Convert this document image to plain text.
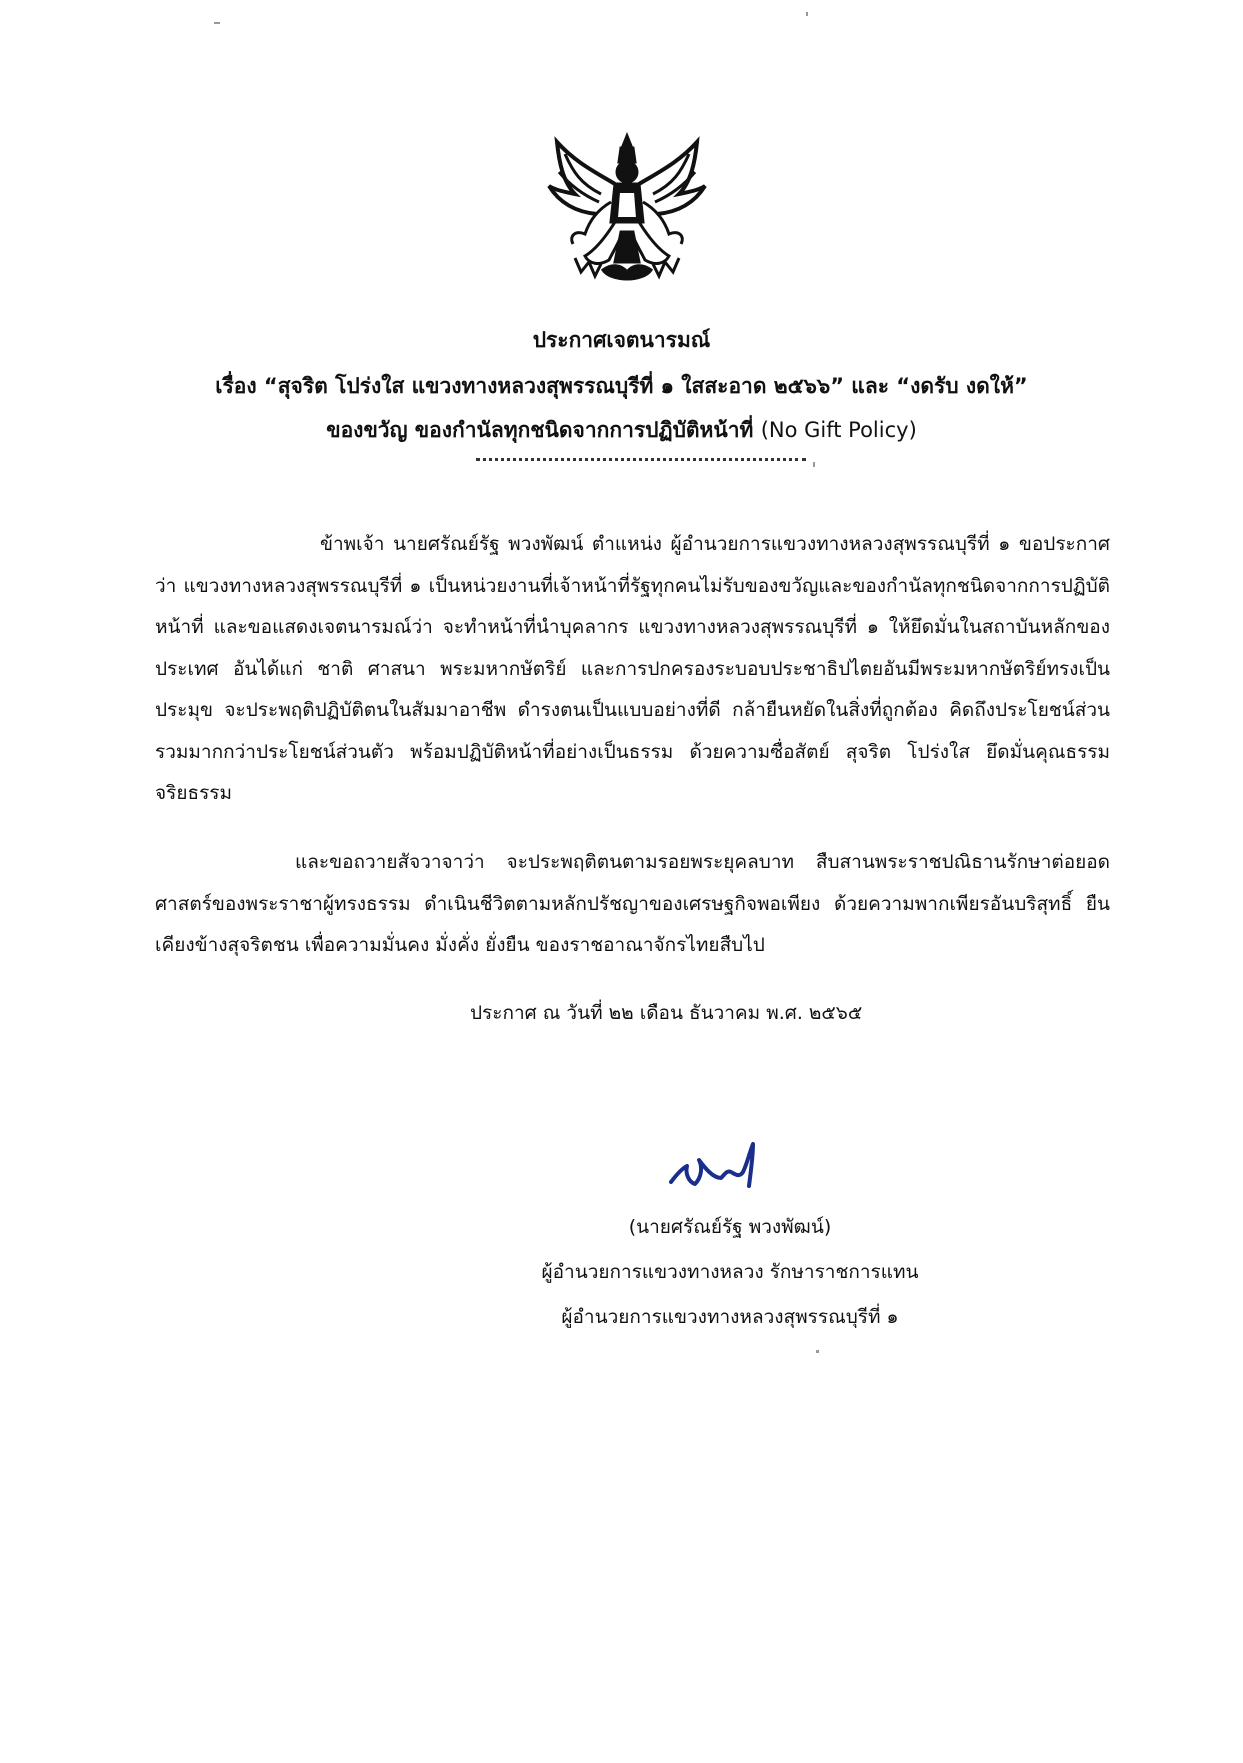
ประกาศเจตนารมณ์
เรื่อง “สุจริต โปร่งใส แขวงทางหลวงสุพรรณบุรีที่ ๑ ใสสะอาด ๒๕๖๖” และ “งดรับ งดให้”
ของขวัญ ของกำนัลทุกชนิดจากการปฏิบัติหน้าที่ (No Gift Policy)
ข้าพเจ้า นายศรัณย์รัฐ พวงพัฒน์ ตำแหน่ง ผู้อำนวยการแขวงทางหลวงสุพรรณบุรีที่ ๑ ขอประกาศว่า แขวงทางหลวงสุพรรณบุรีที่ ๑ เป็นหน่วยงานที่เจ้าหน้าที่รัฐทุกคนไม่รับของขวัญและของกำนัลทุกชนิดจากการปฏิบัติหน้าที่ และขอแสดงเจตนารมณ์ว่า จะทำหน้าที่นำบุคลากร แขวงทางหลวงสุพรรณบุรีที่ ๑ ให้ยึดมั่นในสถาบันหลักของประเทศ อันได้แก่ ชาติ ศาสนา พระมหากษัตริย์ และการปกครองระบอบประชาธิปไตยอันมีพระมหากษัตริย์ทรงเป็นประมุข จะประพฤติปฏิบัติตนในสัมมาอาชีพ ดำรงตนเป็นแบบอย่างที่ดี กล้ายืนหยัดในสิ่งที่ถูกต้อง คิดถึงประโยชน์ส่วนรวมมากกว่าประโยชน์ส่วนตัว พร้อมปฏิบัติหน้าที่อย่างเป็นธรรม ด้วยความซื่อสัตย์ สุจริต โปร่งใส ยึดมั่นคุณธรรม จริยธรรม
และขอถวายสัจวาจาว่า จะประพฤติตนตามรอยพระยุคลบาท สืบสานพระราชปณิธานรักษาต่อยอดศาสตร์ของพระราชาผู้ทรงธรรม ดำเนินชีวิตตามหลักปรัชญาของเศรษฐกิจพอเพียง ด้วยความพากเพียรอันบริสุทธิ์ ยืนเคียงข้างสุจริตชน เพื่อความมั่นคง มั่งคั่ง ยั่งยืน ของราชอาณาจักรไทยสืบไป
ประกาศ ณ วันที่ ๒๒ เดือน ธันวาคม พ.ศ. ๒๕๖๕
(นายศรัณย์รัฐ พวงพัฒน์)
ผู้อำนวยการแขวงทางหลวง รักษาราชการแทน
ผู้อำนวยการแขวงทางหลวงสุพรรณบุรีที่ ๑
